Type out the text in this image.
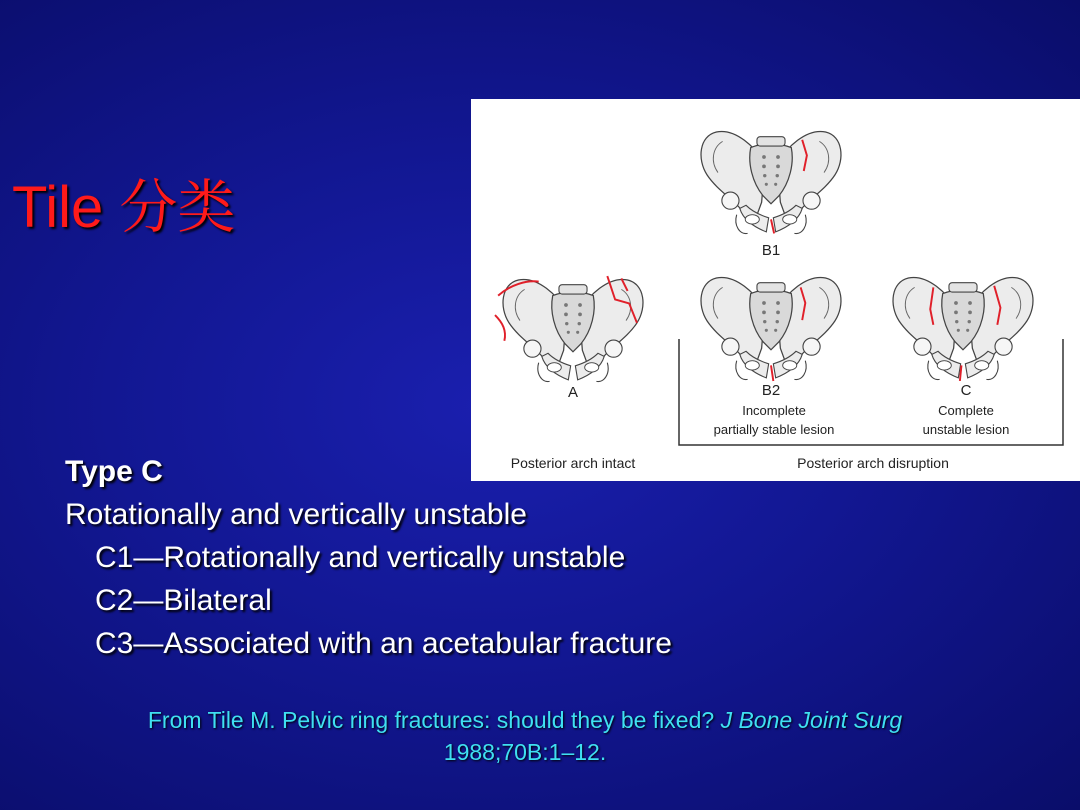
Tile 分类
B1
A	B2	C
Incomplete
partially stable lesion
Complete
unstable lesion
Posterior arch intact	Posterior arch disruption
Type C
Rotationally and vertically unstable
C1—Rotationally and vertically unstable
C2—Bilateral
C3—Associated with an acetabular fracture
From Tile M. Pelvic ring fractures: should they be fixed? J Bone Joint Surg
1988;70B:1–12.
